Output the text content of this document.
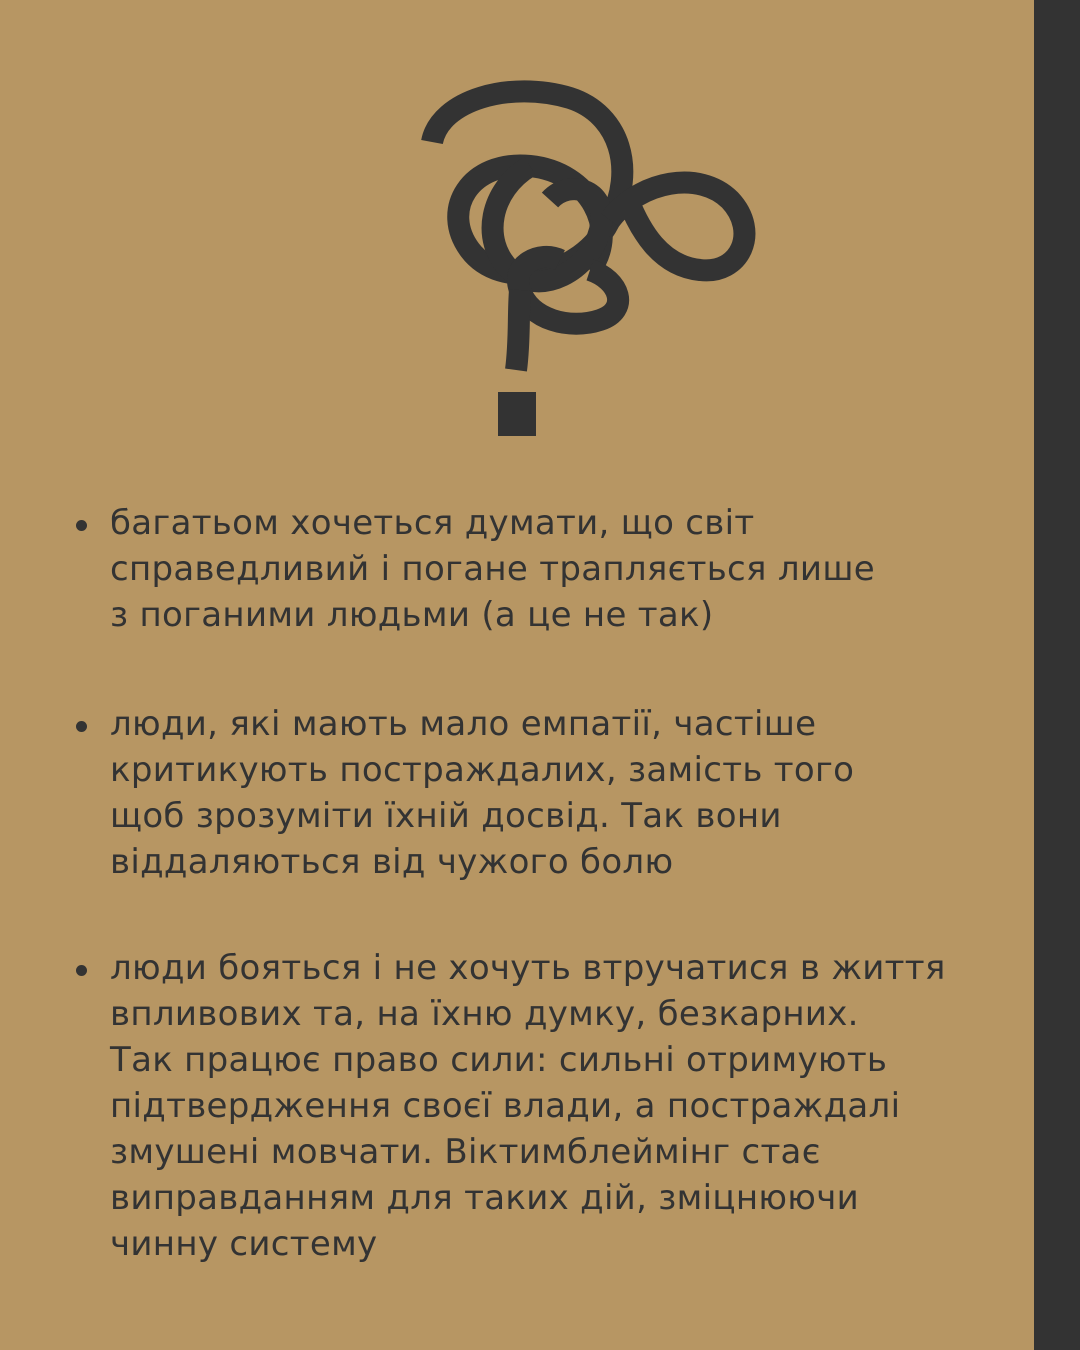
багатьом хочеться думати, що світ
справедливий і погане трапляється лише
з поганими людьми (а це не так)
люди, які мають мало емпатії, частіше
критикують постраждалих, замість того
щоб зрозуміти їхній досвід. Так вони
віддаляються від чужого болю
люди бояться і не хочуть втручатися в життя
впливових та, на їхню думку, безкарних.
Так працює право сили: сильні отримують
підтвердження своєї влади, а постраждалі
змушені мовчати. Віктимблеймінг стає
виправданням для таких дій, зміцнюючи
чинну систему
